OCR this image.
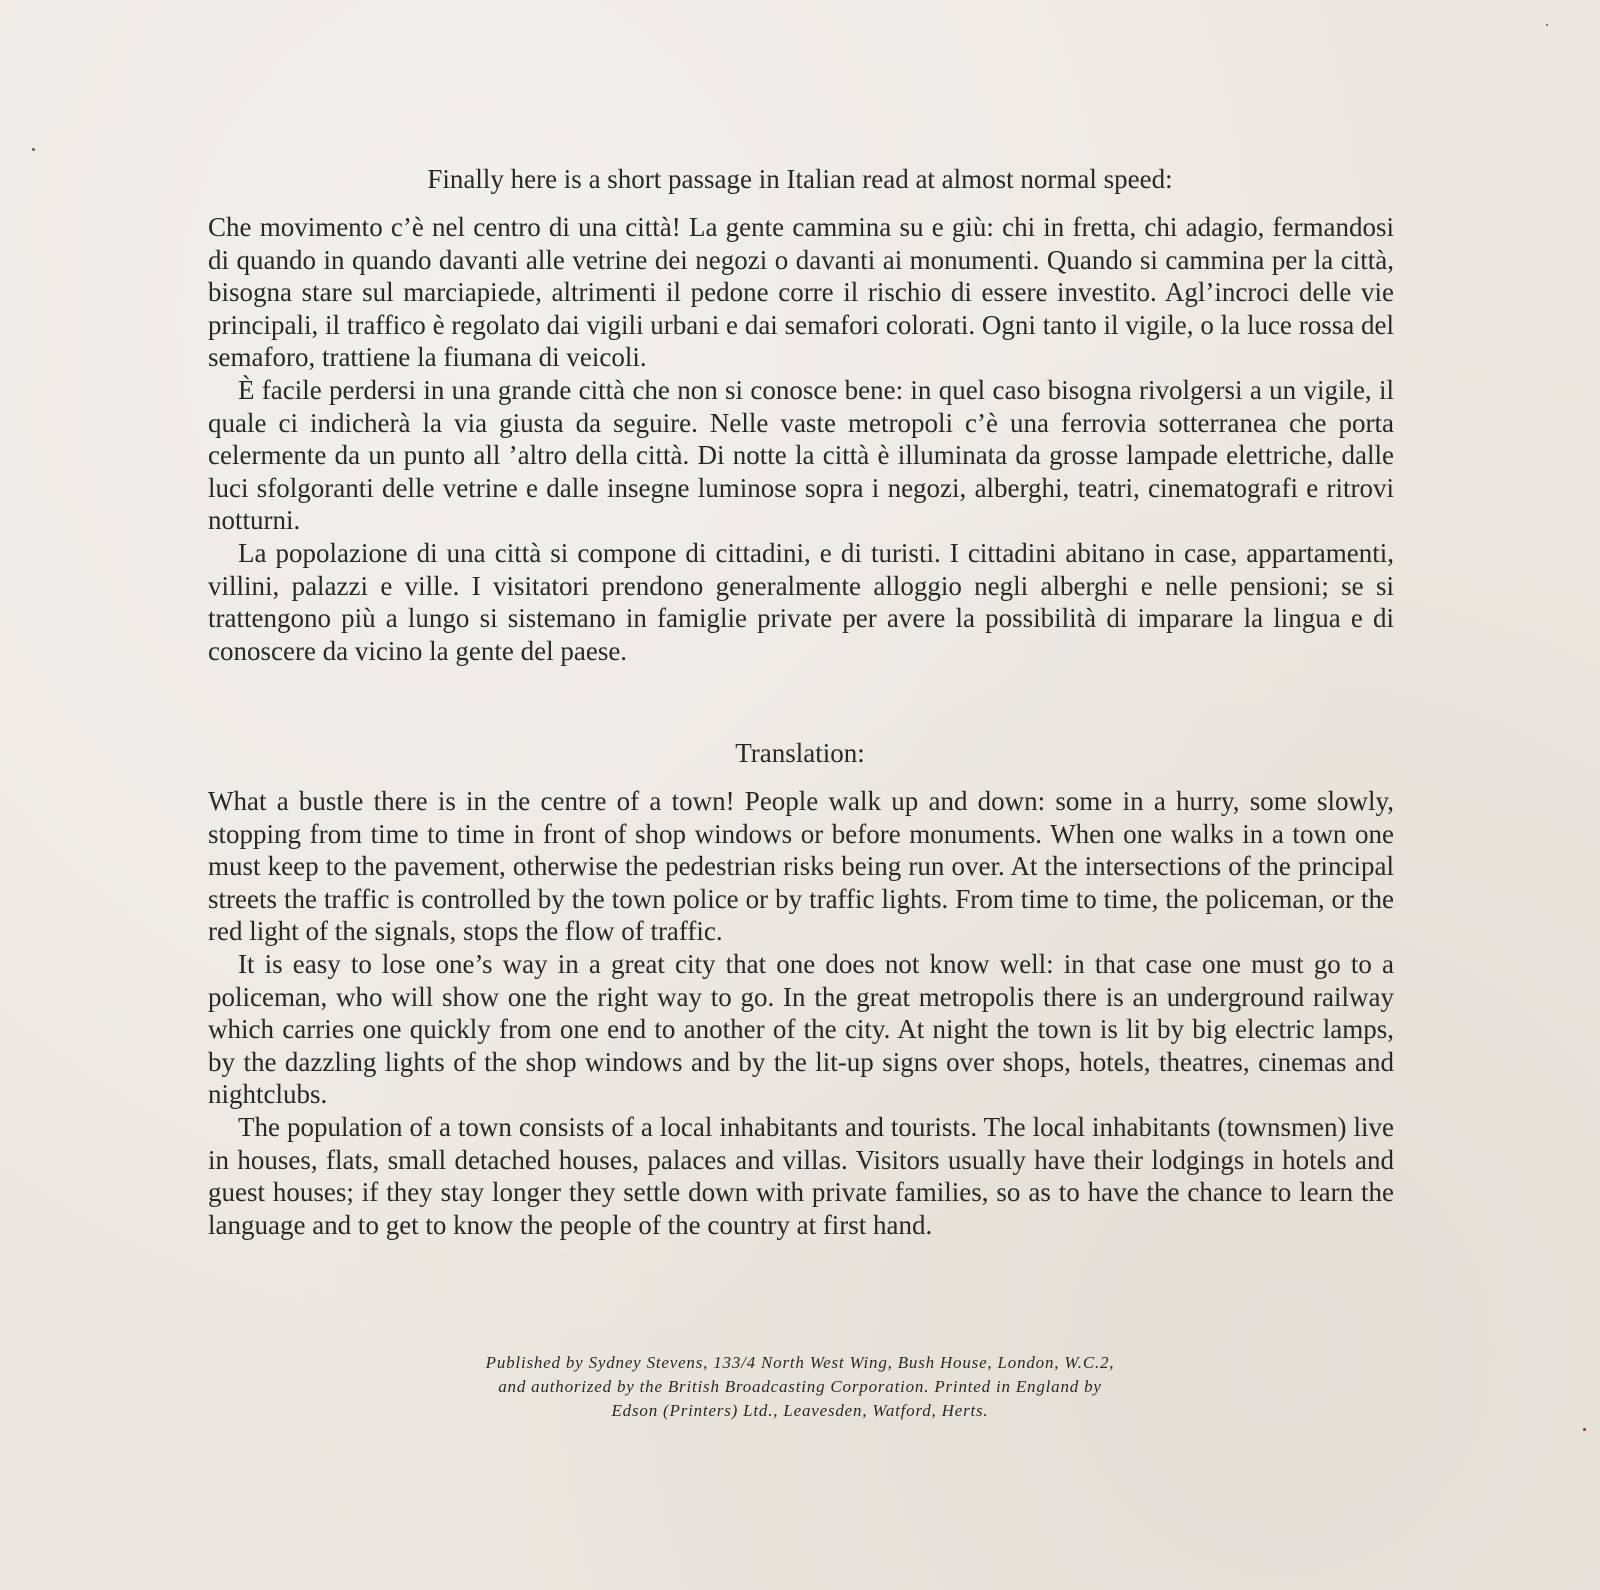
Finally here is a short passage in Italian read at almost normal speed:

Che movimento c’è nel centro di una città! La gente cammina su e giù: chi in fretta, chi adagio, fermandosi di quando in quando davanti alle vetrine dei negozi o davanti ai monumenti. Quando si cammina per la città, bisogna stare sul marciapiede, altrimenti il pedone corre il rischio di essere investito. Agl’incroci delle vie principali, il traffico è regolato dai vigili urbani e dai semafori colorati. Ogni tanto il vigile, o la luce rossa del semaforo, trattiene la fiumana di veicoli.

È facile perdersi in una grande città che non si conosce bene: in quel caso bisogna rivolgersi a un vigile, il quale ci indicherà la via giusta da seguire. Nelle vaste metropoli c’è una ferrovia sotterranea che porta celermente da un punto all ’altro della città. Di notte la città è illuminata da grosse lampade elettriche, dalle luci sfolgoranti delle vetrine e dalle insegne luminose sopra i negozi, alberghi, teatri, cinematografi e ritrovi notturni.

La popolazione di una città si compone di cittadini, e di turisti. I cittadini abitano in case, appartamenti, villini, palazzi e ville. I visitatori prendono generalmente alloggio negli alberghi e nelle pensioni; se si trattengono più a lungo si sistemano in famiglie private per avere la possibilità di imparare la lingua e di conoscere da vicino la gente del paese.

Translation:

What a bustle there is in the centre of a town! People walk up and down: some in a hurry, some slowly, stopping from time to time in front of shop windows or before monuments. When one walks in a town one must keep to the pavement, otherwise the pedestrian risks being run over. At the intersections of the principal streets the traffic is controlled by the town police or by traffic lights. From time to time, the policeman, or the red light of the signals, stops the flow of traffic.

It is easy to lose one’s way in a great city that one does not know well: in that case one must go to a policeman, who will show one the right way to go. In the great metropolis there is an underground railway which carries one quickly from one end to another of the city. At night the town is lit by big electric lamps, by the dazzling lights of the shop windows and by the lit-up signs over shops, hotels, theatres, cinemas and nightclubs.

The population of a town consists of a local inhabitants and tourists. The local inhabitants (townsmen) live in houses, flats, small detached houses, palaces and villas. Visitors usually have their lodgings in hotels and guest houses; if they stay longer they settle down with private families, so as to have the chance to learn the language and to get to know the people of the country at first hand.

Published by Sydney Stevens, 133/4 North West Wing, Bush House, London, W.C.2,
and authorized by the British Broadcasting Corporation. Printed in England by
Edson (Printers) Ltd., Leavesden, Watford, Herts.
